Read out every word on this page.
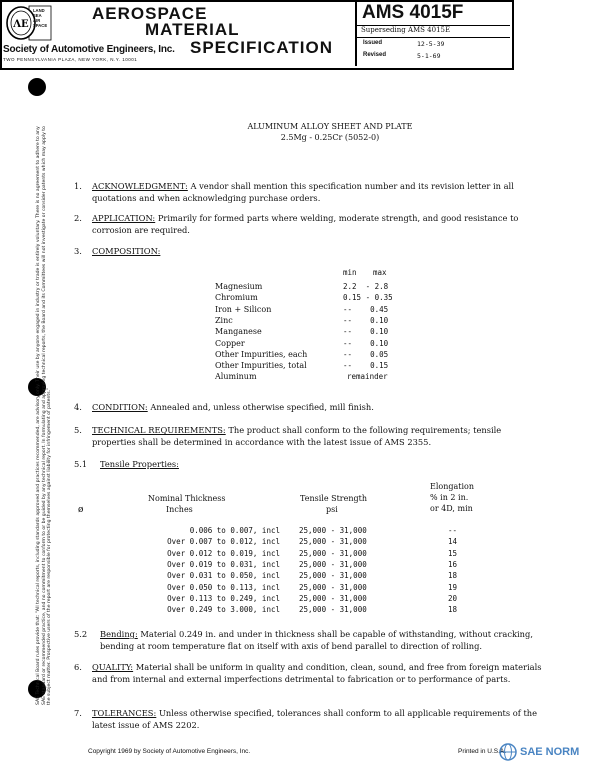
SAE Technical Board rules provide that: "All technical reports, including standards approved and practices recommended, are advisory only. Their use by anyone engaged in industry or trade is entirely voluntary. There is no agreement to adhere to any SAE standard or recommended practice, and no commitment to conform to or be guided by any technical report. In formulating and approving technical reports, the Board and its Committees will not investigate or consider patents which may apply to the subject matter. Prospective users of the report are responsible for protecting themselves against liability for infringement of patents."
ΛE
LAND
SEA
AIR
SPACE
AEROSPACE
MATERIAL
SPECIFICATION
Society of Automotive Engineers, Inc.
TWO PENNSYLVANIA PLAZA, NEW YORK, N.Y. 10001
AMS 4015F
Superseding AMS 4015E
Issued	12-5-39
Revised	5-1-69
ALUMINUM ALLOY SHEET AND PLATE
2.5Mg - 0.25Cr (5052-0)
1. ACKNOWLEDGMENT: A vendor shall mention this specification number and its revision letter in all quotations and when acknowledging purchase orders.
2. APPLICATION: Primarily for formed parts where welding, moderate strength, and good resistance to corrosion are required.
3. COMPOSITION:
min max
Magnesium	2.2  - 2.8
Chromium	0.15 - 0.35
Iron + Silicon	--    0.45
Zinc	--    0.10
Manganese	--    0.10
Copper	--    0.10
Other Impurities, each	--    0.05
Other Impurities, total	--    0.15
Aluminum	remainder
4. CONDITION: Annealed and, unless otherwise specified, mill finish.
5. TECHNICAL REQUIREMENTS: The product shall conform to the following requirements; tensile properties shall be determined in accordance with the latest issue of AMS 2355.
5.1 Tensile Properties:
ø
Nominal Thickness
Inches
Tensile Strength
psi
Elongation
% in 2 in.
or 4D, min
0.006 to 0.007, incl	25,000 - 31,000	--
Over 0.007 to 0.012, incl	25,000 - 31,000	14
Over 0.012 to 0.019, incl	25,000 - 31,000	15
Over 0.019 to 0.031, incl	25,000 - 31,000	16
Over 0.031 to 0.050, incl	25,000 - 31,000	18
Over 0.050 to 0.113, incl	25,000 - 31,000	19
Over 0.113 to 0.249, incl	25,000 - 31,000	20
Over 0.249 to 3.000, incl	25,000 - 31,000	18
5.2 Bending: Material 0.249 in. and under in thickness shall be capable of withstanding, without cracking, bending at room temperature flat on itself with axis of bend parallel to direction of rolling.
6. QUALITY: Material shall be uniform in quality and condition, clean, sound, and free from foreign materials and from internal and external imperfections detrimental to fabrication or to performance of parts.
7. TOLERANCES: Unless otherwise specified, tolerances shall conform to all applicable requirements of the latest issue of AMS 2202.
Copyright 1969 by Society of Automotive Engineers, Inc.	Printed in U.S.A. SAE NORM
